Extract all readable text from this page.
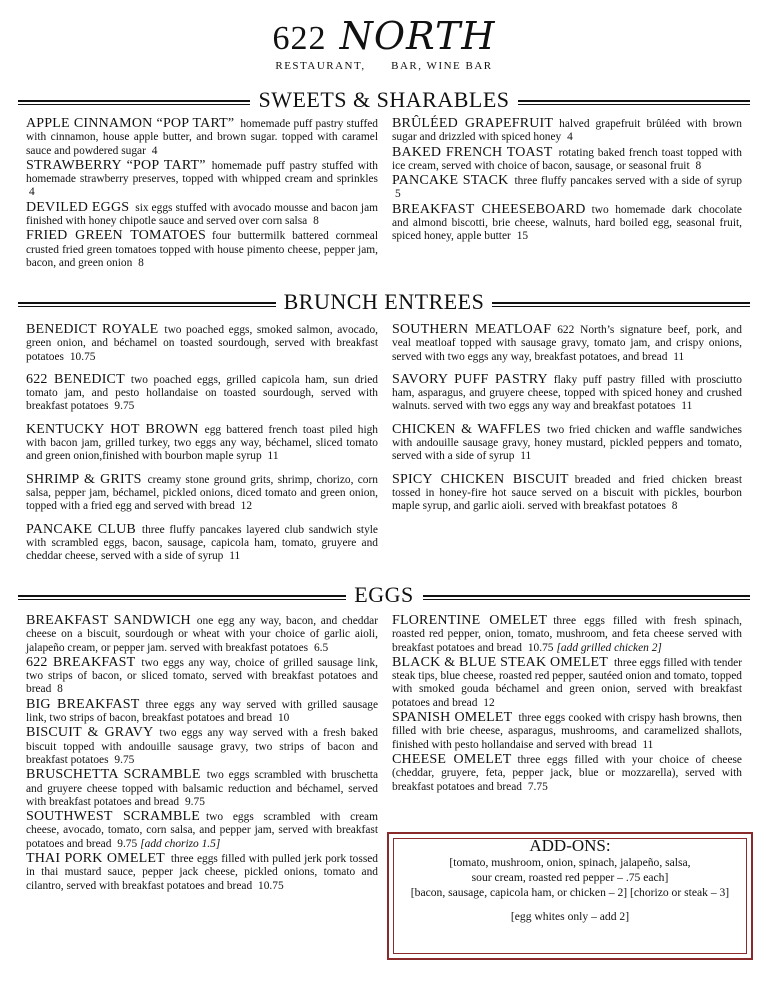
622 NORTH
RESTAURANT,      BAR, WINE BAR
SWEETS & SHARABLES
APPLE CINNAMON “POP TART” homemade puff pastry stuffed with cinnamon, house apple butter, and brown sugar. topped with caramel sauce and powdered sugar 4
STRAWBERRY “POP TART” homemade puff pastry stuffed with homemade strawberry preserves, topped with whipped cream and sprinkles 4
DEVILED EGGS six eggs stuffed with avocado mousse and bacon jam finished with honey chipotle sauce and served over corn salsa 8
FRIED GREEN TOMATOES four buttermilk battered cornmeal crusted fried green tomatoes topped with house pimento cheese, pepper jam, bacon, and green onion 8
BRÛLÉED GRAPEFRUIT halved grapefruit brûléed with brown sugar and drizzled with spiced honey 4
BAKED FRENCH TOAST rotating baked french toast topped with ice cream, served with choice of bacon, sausage, or seasonal fruit 8
PANCAKE STACK three fluffy pancakes served with a side of syrup 5
BREAKFAST CHEESEBOARD two homemade dark chocolate and almond biscotti, brie cheese, walnuts, hard boiled egg, seasonal fruit, spiced honey, apple butter 15
BRUNCH ENTREES
BENEDICT ROYALE two poached eggs, smoked salmon, avocado, green onion, and béchamel on toasted sourdough, served with breakfast potatoes 10.75
622 BENEDICT two poached eggs, grilled capicola ham, sun dried tomato jam, and pesto hollandaise on toasted sourdough, served with breakfast potatoes 9.75
KENTUCKY HOT BROWN egg battered french toast piled high with bacon jam, grilled turkey, two eggs any way, béchamel, sliced tomato and green onion,finished with bourbon maple syrup 11
SHRIMP & GRITS creamy stone ground grits, shrimp, chorizo, corn salsa, pepper jam, béchamel, pickled onions, diced tomato and green onion, topped with a fried egg and served with bread 12
PANCAKE CLUB three fluffy pancakes layered club sandwich style with scrambled eggs, bacon, sausage, capicola ham, tomato, gruyere and cheddar cheese, served with a side of syrup 11
SOUTHERN MEATLOAF 622 North’s signature beef, pork, and veal meatloaf topped with sausage gravy, tomato jam, and crispy onions, served with two eggs any way, breakfast potatoes, and bread 11
SAVORY PUFF PASTRY flaky puff pastry filled with prosciutto ham, asparagus, and gruyere cheese, topped with spiced honey and crushed walnuts. served with two eggs any way and breakfast potatoes 11
CHICKEN & WAFFLES two fried chicken and waffle sandwiches with andouille sausage gravy, honey mustard, pickled peppers and tomato, served with a side of syrup 11
SPICY CHICKEN BISCUIT breaded and fried chicken breast tossed in honey-fire hot sauce served on a biscuit with pickles, bourbon maple syrup, and garlic aioli. served with breakfast potatoes 8
EGGS
BREAKFAST SANDWICH one egg any way, bacon, and cheddar cheese on a biscuit, sourdough or wheat with your choice of garlic aioli, jalapeño cream, or pepper jam. served with breakfast potatoes 6.5
622 BREAKFAST two eggs any way, choice of grilled sausage link, two strips of bacon, or sliced tomato, served with breakfast potatoes and bread 8
BIG BREAKFAST three eggs any way served with grilled sausage link, two strips of bacon, breakfast potatoes and bread 10
BISCUIT & GRAVY two eggs any way served with a fresh baked biscuit topped with andouille sausage gravy, two strips of bacon and breakfast potatoes 9.75
BRUSCHETTA SCRAMBLE two eggs scrambled with bruschetta and gruyere cheese topped with balsamic reduction and béchamel, served with breakfast potatoes and bread 9.75
SOUTHWEST SCRAMBLE two eggs scrambled with cream cheese, avocado, tomato, corn salsa, and pepper jam, served with breakfast potatoes and bread 9.75 [add chorizo 1.5]
THAI PORK OMELET three eggs filled with pulled jerk pork tossed in thai mustard sauce, pepper jack cheese, pickled onions, tomato and cilantro, served with breakfast potatoes and bread 10.75
FLORENTINE OMELET three eggs filled with fresh spinach, roasted red pepper, onion, tomato, mushroom, and feta cheese served with breakfast potatoes and bread 10.75 [add grilled chicken 2]
BLACK & BLUE STEAK OMELET three eggs filled with tender steak tips, blue cheese, roasted red pepper, sautéed onion and tomato, topped with smoked gouda béchamel and green onion, served with breakfast potatoes and bread 12
SPANISH OMELET three eggs cooked with crispy hash browns, then filled with brie cheese, asparagus, mushrooms, and caramelized shallots, finished with pesto hollandaise and served with bread 11
CHEESE OMELET three eggs filled with your choice of cheese (cheddar, gruyere, feta, pepper jack, blue or mozzarella), served with breakfast potatoes and bread 7.75
ADD-ONS:
[tomato, mushroom, onion, spinach, jalapeño, salsa,
sour cream, roasted red pepper – .75 each]
[bacon, sausage, capicola ham, or chicken – 2] [chorizo or steak – 3]
[egg whites only – add 2]
